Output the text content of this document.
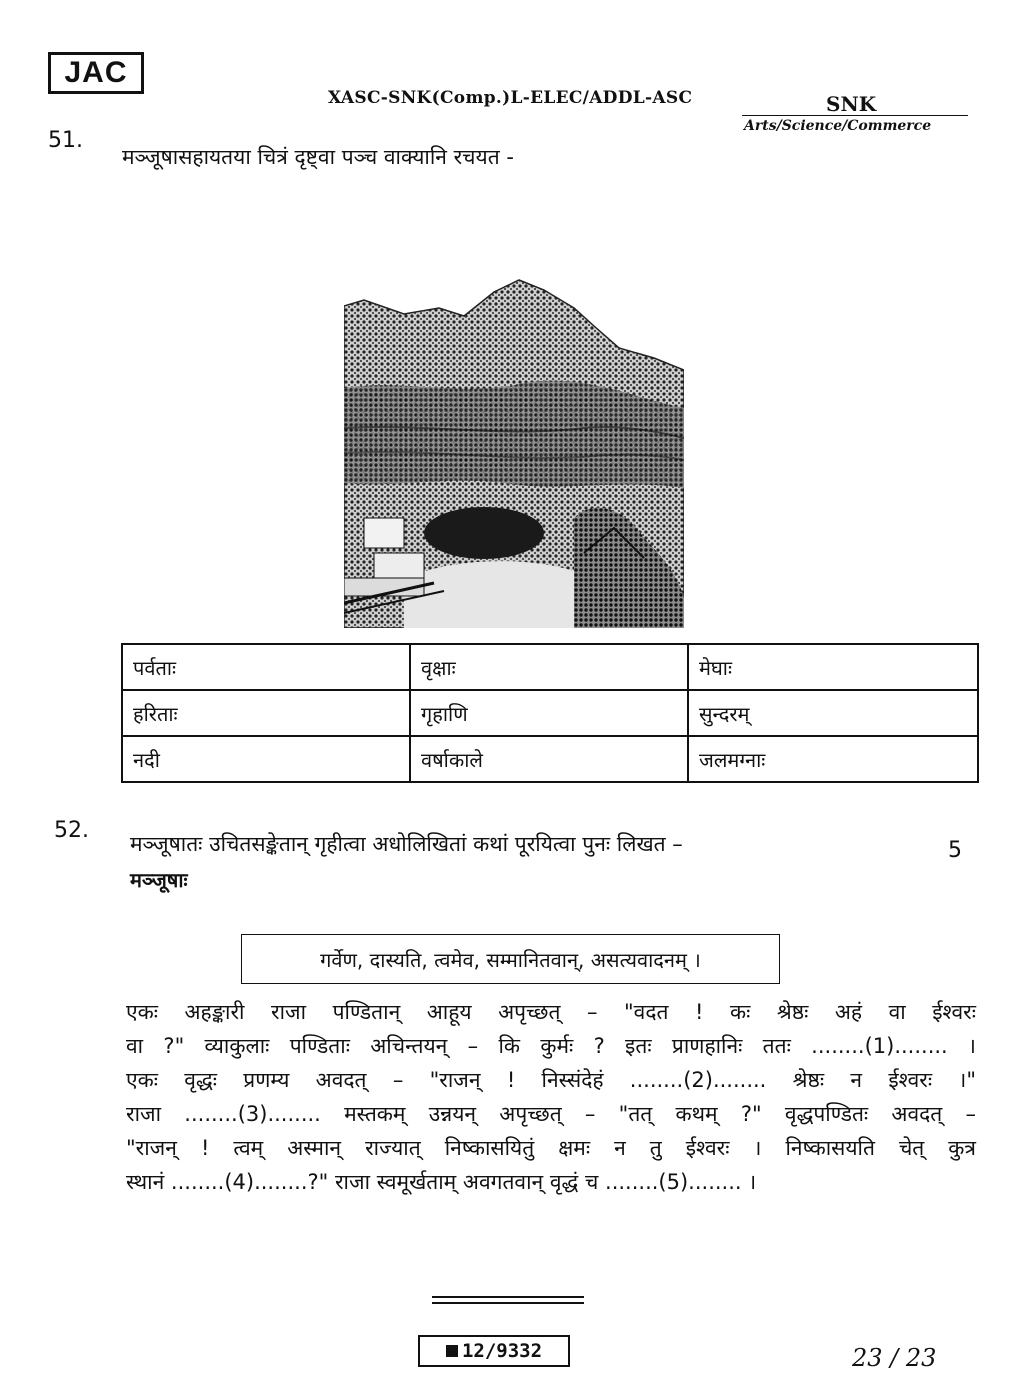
JAC
XASC-SNK(Comp.)L-ELEC/ADDL-ASC	SNK
Arts/Science/Commerce
51.
मञ्जूषासहायतया चित्रं दृष्ट्वा पञ्च वाक्यानि रचयत -
पर्वताः	वृक्षाः	मेघाः
हरिताः	गृहाणि	सुन्दरम्
नदी	वर्षाकाले	जलमग्नाः
52.
मञ्जूषातः उचितसङ्केतान् गृहीत्वा अधोलिखितां कथां पूरयित्वा पुनः लिखत –	5
मञ्जूषाः
गर्वेण, दास्यति, त्वमेव, सम्मानितवान्, असत्यवादनम् ।
एकः अहङ्कारी राजा पण्डितान् आहूय अपृच्छत् – "वदत ! कः श्रेष्ठः अहं वा ईश्वरः
वा ?" व्याकुलाः पण्डिताः अचिन्तयन् – कि कुर्मः ? इतः प्राणहानिः ततः ........(1)........ ।
एकः वृद्धः प्रणम्य अवदत् – "राजन् ! निस्संदेहं ........(2)........ श्रेष्ठः न ईश्वरः ।"
राजा ........(3)........ मस्तकम् उन्नयन् अपृच्छत् – "तत् कथम् ?" वृद्धपण्डितः अवदत् –
"राजन् ! त्वम् अस्मान् राज्यात् निष्कासयितुं क्षमः न तु ईश्वरः । निष्कासयति चेत् कुत्र
स्थानं ........(4)........?" राजा स्वमूर्खताम् अवगतवान् वृद्धं च ........(5)........ ।
12/9332	23 / 23
